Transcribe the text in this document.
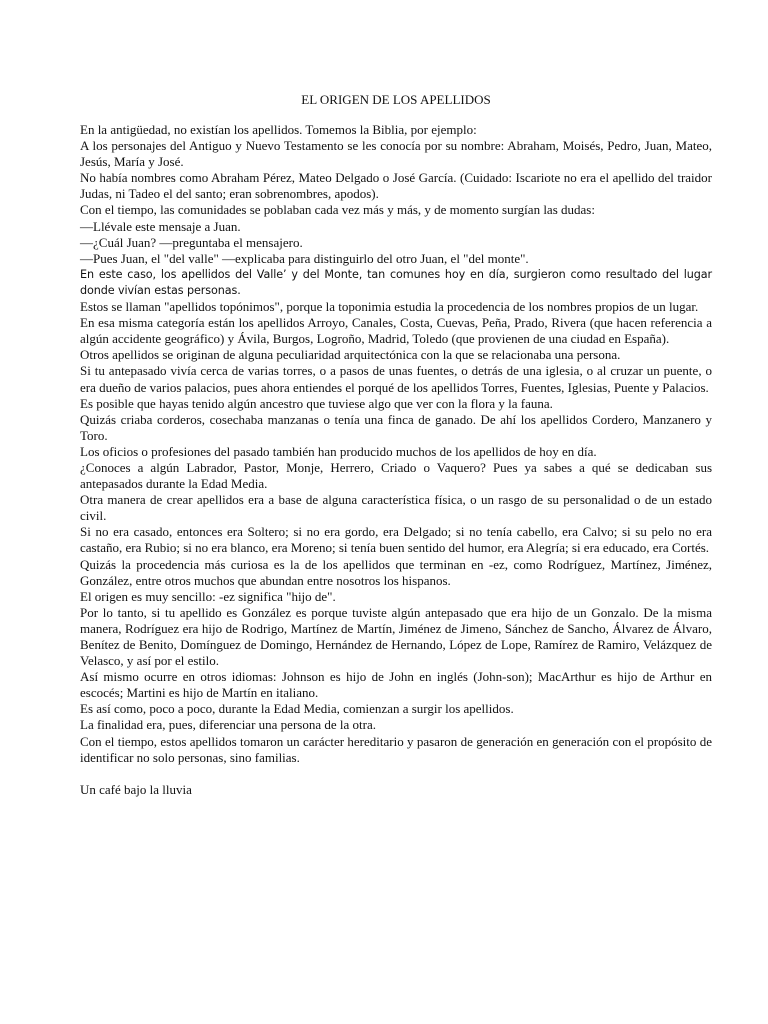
EL ORIGEN DE LOS APELLIDOS

En la antigüedad, no existían los apellidos. Tomemos la Biblia, por ejemplo:

A los personajes del Antiguo y Nuevo Testamento se les conocía por su nombre: Abraham, Moisés, Pedro, Juan, Mateo, Jesús, María y José.

No había nombres como Abraham Pérez, Mateo Delgado o José García. (Cuidado: Iscariote no era el apellido del traidor Judas, ni Tadeo el del santo; eran sobrenombres, apodos).

Con el tiempo, las comunidades se poblaban cada vez más y más, y de momento surgían las dudas:

—Llévale este mensaje a Juan.

—¿Cuál Juan? —preguntaba el mensajero.

—Pues Juan, el "del valle" —explicaba para distinguirlo del otro Juan, el "del monte".

En este caso, los apellidos del Valle’ y del Monte, tan comunes hoy en día, surgieron como resultado del lugar donde vivían estas personas.

Estos se llaman "apellidos topónimos", porque la toponimia estudia la procedencia de los nombres propios de un lugar.

En esa misma categoría están los apellidos Arroyo, Canales, Costa, Cuevas, Peña, Prado, Rivera (que hacen referencia a algún accidente geográfico) y Ávila, Burgos, Logroño, Madrid, Toledo (que provienen de una ciudad en España).

Otros apellidos se originan de alguna peculiaridad arquitectónica con la que se relacionaba una persona.

Si tu antepasado vivía cerca de varias torres, o a pasos de unas fuentes, o detrás de una iglesia, o al cruzar un puente, o era dueño de varios palacios, pues ahora entiendes el porqué de los apellidos Torres, Fuentes, Iglesias, Puente y Palacios.

Es posible que hayas tenido algún ancestro que tuviese algo que ver con la flora y la fauna.

Quizás criaba corderos, cosechaba manzanas o tenía una finca de ganado. De ahí los apellidos Cordero, Manzanero y Toro.

Los oficios o profesiones del pasado también han producido muchos de los apellidos de hoy en día.

¿Conoces a algún Labrador, Pastor, Monje, Herrero, Criado o Vaquero? Pues ya sabes a qué se dedicaban sus antepasados durante la Edad Media.

Otra manera de crear apellidos era a base de alguna característica física, o un rasgo de su personalidad o de un estado civil.

Si no era casado, entonces era Soltero; si no era gordo, era Delgado; si no tenía cabello, era Calvo; si su pelo no era castaño, era Rubio; si no era blanco, era Moreno; si tenía buen sentido del humor, era Alegría; si era educado, era Cortés.

Quizás la procedencia más curiosa es la de los apellidos que terminan en -ez, como Rodríguez, Martínez, Jiménez, González, entre otros muchos que abundan entre nosotros los hispanos.

El origen es muy sencillo: -ez significa "hijo de".

Por lo tanto, si tu apellido es González es porque tuviste algún antepasado que era hijo de un Gonzalo. De la misma manera, Rodríguez era hijo de Rodrigo, Martínez de Martín, Jiménez de Jimeno, Sánchez de Sancho, Álvarez de Álvaro, Benítez de Benito, Domínguez de Domingo, Hernández de Hernando, López de Lope, Ramírez de Ramiro, Velázquez de Velasco, y así por el estilo.

Así mismo ocurre en otros idiomas: Johnson es hijo de John en inglés (John-son); MacArthur es hijo de Arthur en escocés; Martini es hijo de Martín en italiano.

Es así como, poco a poco, durante la Edad Media, comienzan a surgir los apellidos.

La finalidad era, pues, diferenciar una persona de la otra.

Con el tiempo, estos apellidos tomaron un carácter hereditario y pasaron de generación en generación con el propósito de identificar no solo personas, sino familias.

Un café bajo la lluvia
